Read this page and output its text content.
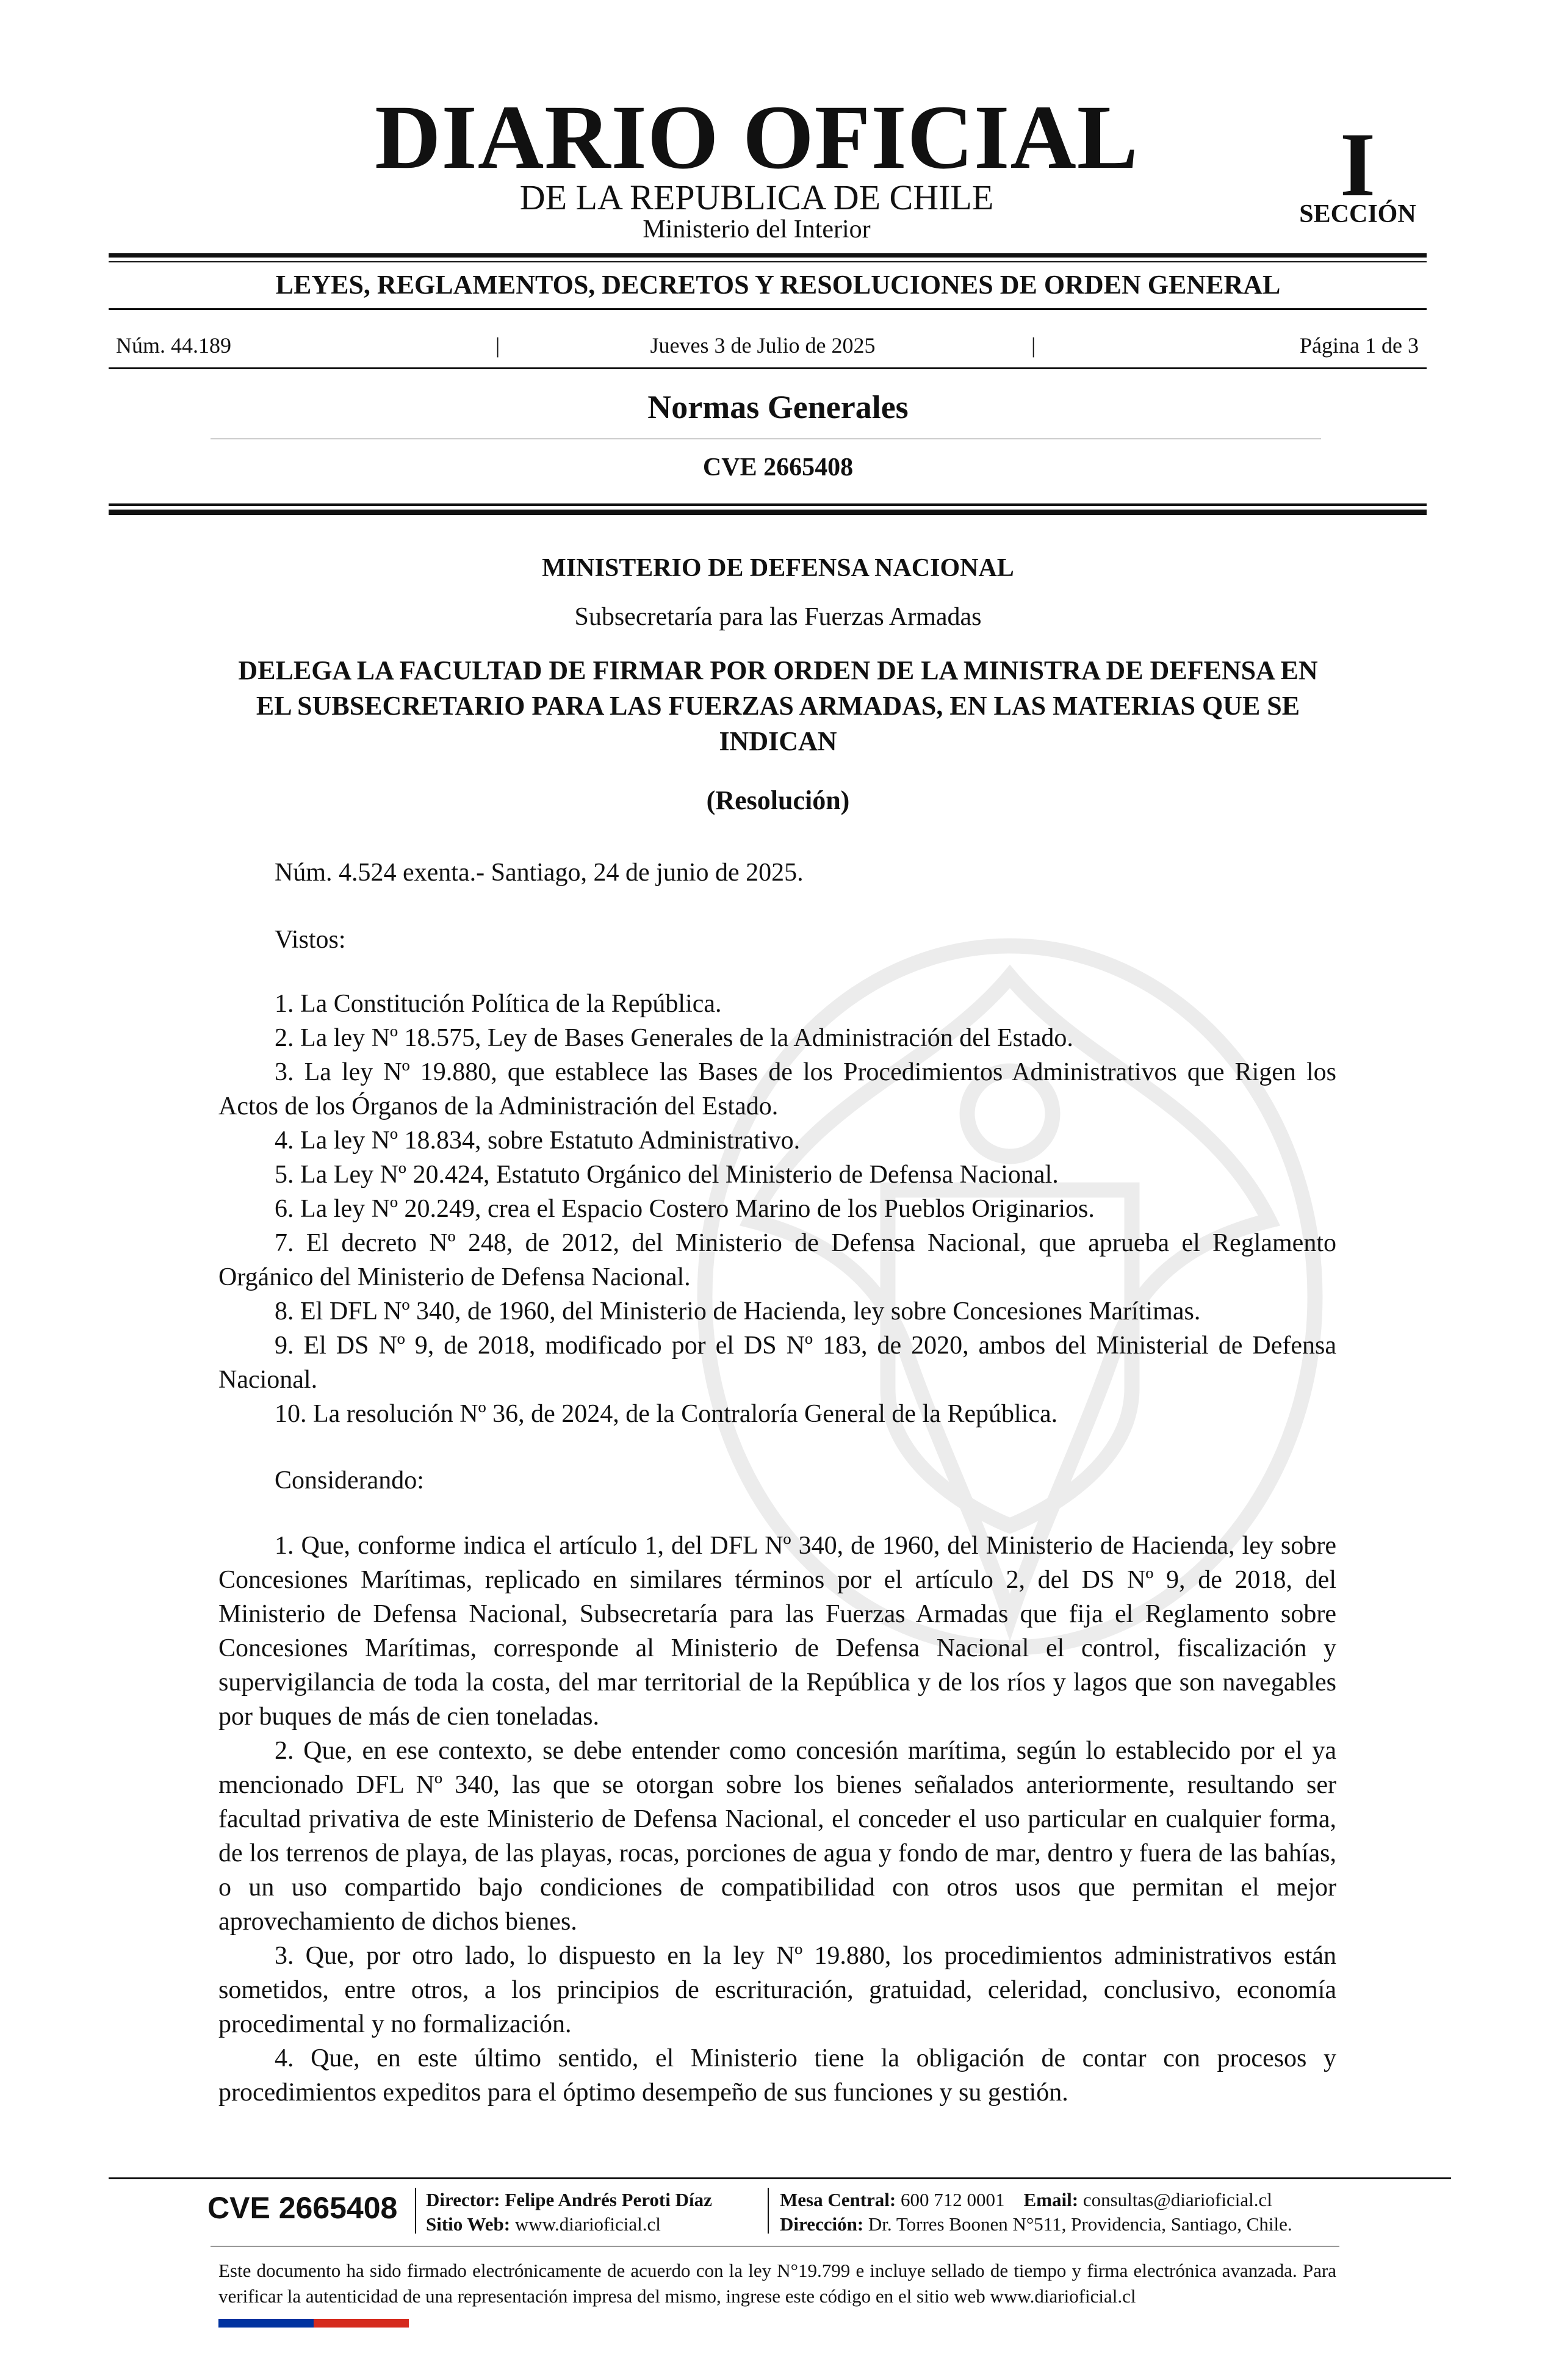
DIARIO OFICIAL
DE LA REPUBLICA DE CHILE
Ministerio del Interior
I
SECCIÓN
LEYES, REGLAMENTOS, DECRETOS Y RESOLUCIONES DE ORDEN GENERAL
Núm. 44.189	|	Jueves 3 de Julio de 2025	|	Página 1 de 3
Normas Generales
CVE 2665408
MINISTERIO DE DEFENSA NACIONAL
Subsecretaría para las Fuerzas Armadas
DELEGA LA FACULTAD DE FIRMAR POR ORDEN DE LA MINISTRA DE DEFENSA EN EL SUBSECRETARIO PARA LAS FUERZAS ARMADAS, EN LAS MATERIAS QUE SE INDICAN
(Resolución)

Núm. 4.524 exenta.- Santiago, 24 de junio de 2025.

Vistos:

1. La Constitución Política de la República.

2. La ley Nº 18.575, Ley de Bases Generales de la Administración del Estado.

3. La ley Nº 19.880, que establece las Bases de los Procedimientos Administrativos que Rigen los Actos de los Órganos de la Administración del Estado.

4. La ley Nº 18.834, sobre Estatuto Administrativo.

5. La Ley Nº 20.424, Estatuto Orgánico del Ministerio de Defensa Nacional.

6. La ley Nº 20.249, crea el Espacio Costero Marino de los Pueblos Originarios.

7. El decreto Nº 248, de 2012, del Ministerio de Defensa Nacional, que aprueba el Reglamento Orgánico del Ministerio de Defensa Nacional.

8. El DFL Nº 340, de 1960, del Ministerio de Hacienda, ley sobre Concesiones Marítimas.

9. El DS Nº 9, de 2018, modificado por el DS Nº 183, de 2020, ambos del Ministerial de Defensa Nacional.

10. La resolución Nº 36, de 2024, de la Contraloría General de la República.

Considerando:

1. Que, conforme indica el artículo 1, del DFL Nº 340, de 1960, del Ministerio de Hacienda, ley sobre Concesiones Marítimas, replicado en similares términos por el artículo 2, del DS Nº 9, de 2018, del Ministerio de Defensa Nacional, Subsecretaría para las Fuerzas Armadas que fija el Reglamento sobre Concesiones Marítimas, corresponde al Ministerio de Defensa Nacional el control, fiscalización y supervigilancia de toda la costa, del mar territorial de la República y de los ríos y lagos que son navegables por buques de más de cien toneladas.

2. Que, en ese contexto, se debe entender como concesión marítima, según lo establecido por el ya mencionado DFL Nº 340, las que se otorgan sobre los bienes señalados anteriormente, resultando ser facultad privativa de este Ministerio de Defensa Nacional, el conceder el uso particular en cualquier forma, de los terrenos de playa, de las playas, rocas, porciones de agua y fondo de mar, dentro y fuera de las bahías, o un uso compartido bajo condiciones de compatibilidad con otros usos que permitan el mejor aprovechamiento de dichos bienes.

3. Que, por otro lado, lo dispuesto en la ley Nº 19.880, los procedimientos administrativos están sometidos, entre otros, a los principios de escrituración, gratuidad, celeridad, conclusivo, economía procedimental y no formalización.

4. Que, en este último sentido, el Ministerio tiene la obligación de contar con procesos y procedimientos expeditos para el óptimo desempeño de sus funciones y su gestión.

CVE 2665408 Director: Felipe Andrés Peroti Díaz
Sitio Web: www.diarioficial.cl
Mesa Central: 600 712 0001 Email: consultas@diarioficial.cl
Dirección: Dr. Torres Boonen N°511, Providencia, Santiago, Chile.
Este documento ha sido firmado electrónicamente de acuerdo con la ley N°19.799 e incluye sellado de tiempo y firma electrónica avanzada. Para verificar la autenticidad de una representación impresa del mismo, ingrese este código en el sitio web www.diarioficial.cl
